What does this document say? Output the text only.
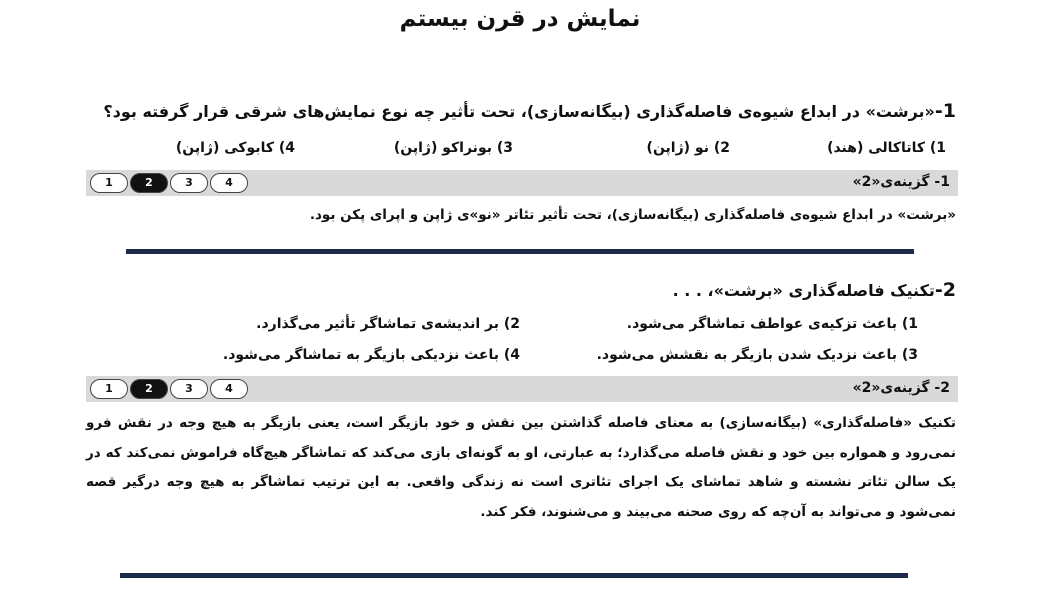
نمایش در قرن بیستم
1-«برشت» در ابداع شیوه‌ی فاصله‌گذاری (بیگانه‌سازی)، تحت تأثیر چه نوع نمایش‌های شرقی قرار گرفته بود؟
1) کاتاکالی (هند)
2) نو (ژاپن)
3) بونراکو (ژاپن)
4) کابوکی (ژاپن)
1- گزینه‌ی«2»
1	2	3	4
«برشت» در ابداع شیوه‌ی فاصله‌گذاری (بیگانه‌سازی)، تحت تأثیر تئاتر «نو»ی ژاپن و اپرای پکن بود.
2-تکنیک فاصله‌گذاری «برشت»، . . .
1) باعث تزکیه‌ی عواطف تماشاگر می‌شود.
2) بر اندیشه‌ی تماشاگر تأثیر می‌گذارد.
3) باعث نزدیک شدن بازیگر به نقشش می‌شود.
4) باعث نزدیکی بازیگر به تماشاگر می‌شود.
2- گزینه‌ی«2»
1	2	3	4
تکنیک «فاصله‌گذاری» (بیگانه‌سازی) به معنای فاصله گذاشتن بین نقش و خود بازیگر است، یعنی بازیگر به هیچ وجه در نقش فرو نمی‌رود و همواره بین خود و نقش فاصله می‌گذارد؛ به عبارتی، او به گونه‌ای بازی می‌کند که تماشاگر هیچ‌گاه فراموش نمی‌کند که در یک سالن تئاتر نشسته و شاهد تماشای یک اجرای تئاتری است نه زندگی واقعی. به این ترتیب تماشاگر به هیچ وجه درگیر قصه نمی‌شود و می‌تواند به آن‌چه که روی صحنه می‌بیند و می‌شنوند، فکر کند.
